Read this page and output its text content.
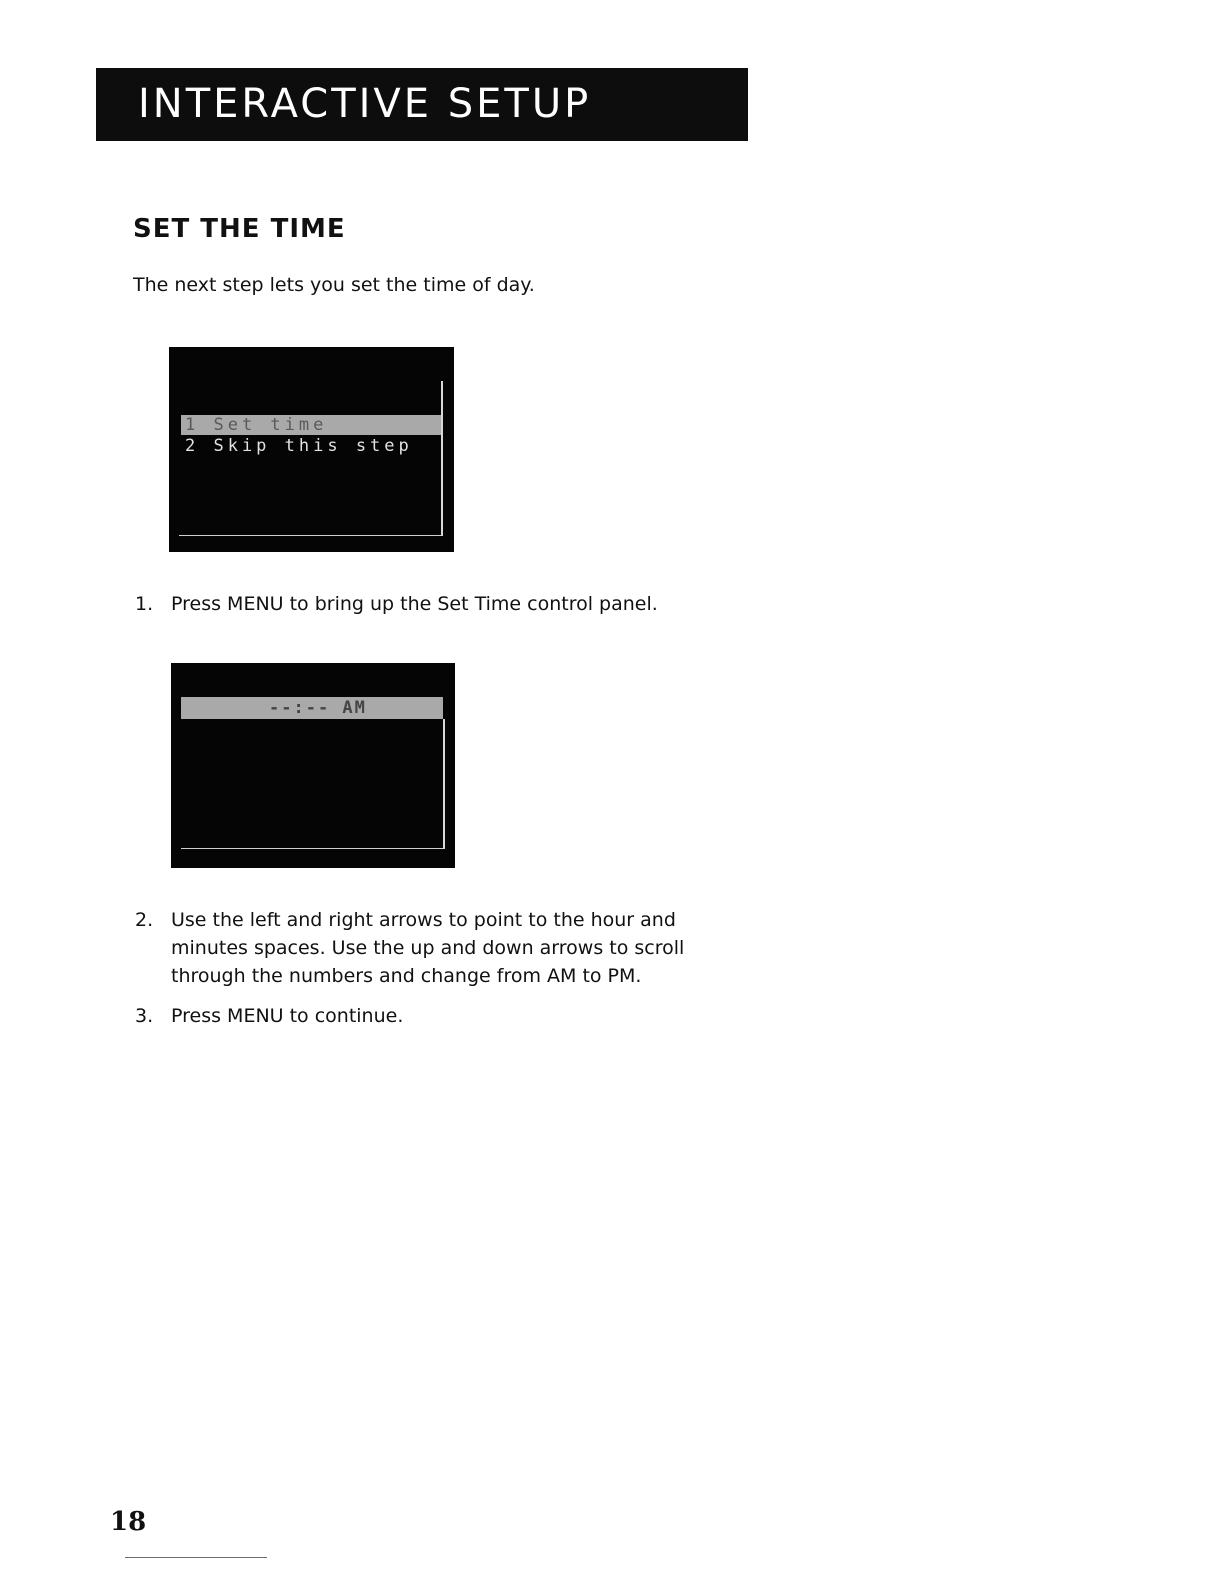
INTERACTIVE SETUP
SET THE TIME
The next step lets you set the time of day.
1 Set time
2 Skip this step
1. Press MENU to bring up the Set Time control panel.
--:-- AM
2. Use the left and right arrows to point to the hour and
minutes spaces. Use the up and down arrows to scroll
through the numbers and change from AM to PM.
3. Press MENU to continue.
18
